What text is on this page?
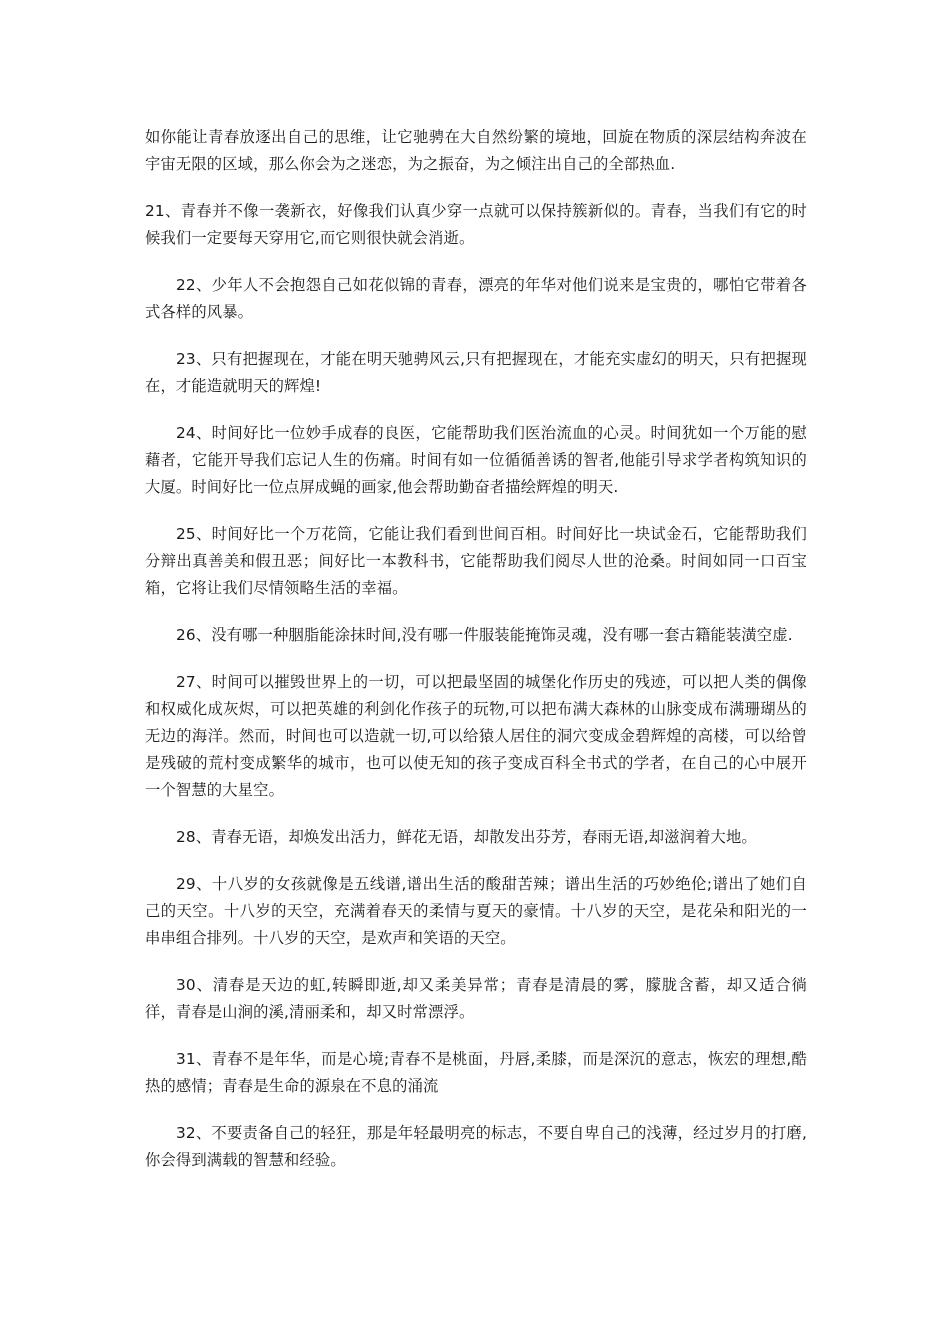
如你能让青春放逐出自己的思维，让它驰骋在大自然纷繁的境地，回旋在物质的深层结构奔波在宇宙无限的区域，那么你会为之迷恋，为之振奋，为之倾注出自己的全部热血.

21、青春并不像一袭新衣，好像我们认真少穿一点就可以保持簇新似的。青春，当我们有它的时候我们一定要每天穿用它,而它则很快就会消逝。

22、少年人不会抱怨自己如花似锦的青春，漂亮的年华对他们说来是宝贵的，哪怕它带着各式各样的风暴。

23、只有把握现在，才能在明天驰骋风云,只有把握现在，才能充实虚幻的明天，只有把握现在，才能造就明天的辉煌!

24、时间好比一位妙手成春的良医，它能帮助我们医治流血的心灵。时间犹如一个万能的慰藉者，它能开导我们忘记人生的伤痛。时间有如一位循循善诱的智者,他能引导求学者构筑知识的大厦。时间好比一位点屏成蝇的画家,他会帮助勤奋者描绘辉煌的明天.

25、时间好比一个万花筒，它能让我们看到世间百相。时间好比一块试金石，它能帮助我们分辩出真善美和假丑恶；间好比一本教科书，它能帮助我们阅尽人世的沧桑。时间如同一口百宝箱，它将让我们尽情领略生活的幸福。

26、没有哪一种胭脂能涂抹时间,没有哪一件服装能掩饰灵魂，没有哪一套古籍能装潢空虚.

27、时间可以摧毁世界上的一切，可以把最坚固的城堡化作历史的残迹，可以把人类的偶像和权威化成灰烬，可以把英雄的利剑化作孩子的玩物,可以把布满大森林的山脉变成布满珊瑚丛的无边的海洋。然而，时间也可以造就一切,可以给猿人居住的洞穴变成金碧辉煌的高楼，可以给曾是残破的荒村变成繁华的城市，也可以使无知的孩子变成百科全书式的学者，在自己的心中展开一个智慧的大星空。

28、青春无语，却焕发出活力，鲜花无语，却散发出芬芳，春雨无语,却滋润着大地。

29、十八岁的女孩就像是五线谱,谱出生活的酸甜苦辣；谱出生活的巧妙绝伦;谱出了她们自己的天空。十八岁的天空，充满着春天的柔情与夏天的豪情。十八岁的天空，是花朵和阳光的一串串组合排列。十八岁的天空，是欢声和笑语的天空。

30、清春是天边的虹,转瞬即逝,却又柔美异常；青春是清晨的雾，朦胧含蓄，却又适合徜徉，青春是山涧的溪,清丽柔和，却又时常漂浮。

31、青春不是年华，而是心境;青春不是桃面，丹唇,柔膝，而是深沉的意志，恢宏的理想,酷热的感情；青春是生命的源泉在不息的涌流

32、不要责备自己的轻狂，那是年轻最明亮的标志，不要自卑自己的浅薄，经过岁月的打磨,你会得到满载的智慧和经验。
